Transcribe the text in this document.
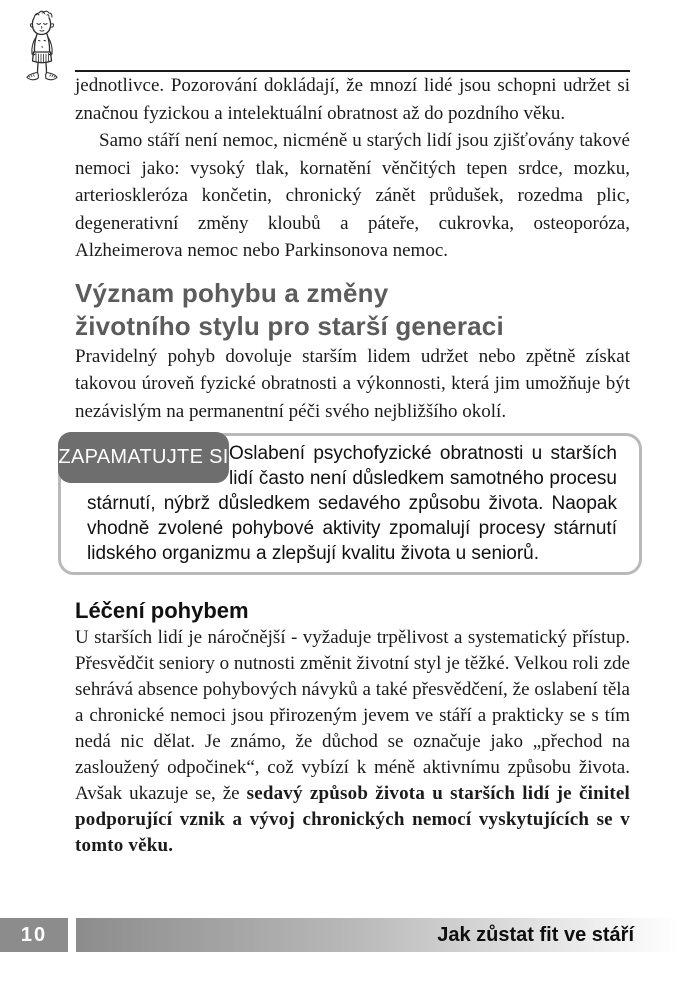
jednotlivce. Pozorování dokládají, že mnozí lidé jsou schopni udržet si značnou fyzickou a intelektuální obratnost až do pozdního věku.

Samo stáří není nemoc, nicméně u starých lidí jsou zjišťovány takové nemoci jako: vysoký tlak, kornatění věnčitých tepen srdce, mozku, arterioskleróza končetin, chronický zánět průdušek, rozedma plic, degenerativní změny kloubů a páteře, cukrovka, osteoporóza, Alzheimerova nemoc nebo Parkinsonova nemoc.

Význam pohybu a změny
životního stylu pro starší generaci

Pravidelný pohyb dovoluje starším lidem udržet nebo zpětně získat takovou úroveň fyzické obratnosti a výkonnosti, která jim umožňuje být nezávislým na permanentní péči svého nejbližšího okolí.

ZAPAMATUJTE SI Oslabení psychofyzické obratnosti u starších lidí často není důsledkem samotného procesu stárnutí, nýbrž důsledkem sedavého způsobu života. Naopak vhodně zvolené pohybové aktivity zpomalují procesy stárnutí lidského organizmu a zlepšují kvalitu života u seniorů.
Léčení pohybem

U starších lidí je náročnější - vyžaduje trpělivost a systematický přístup. Přesvědčit seniory o nutnosti změnit životní styl je těžké. Velkou roli zde sehrává absence pohybových návyků a také přesvědčení, že oslabení těla a chronické nemoci jsou přirozeným jevem ve stáří a prakticky se s tím nedá nic dělat. Je známo, že důchod se označuje jako „přechod na zasloužený odpočinek“, což vybízí k méně aktivnímu způsobu života. Avšak ukazuje se, že sedavý způsob života u starších lidí je činitel podporující vznik a vývoj chronických nemocí vyskytujících se v tomto věku.

10	Jak zůstat fit ve stáří
